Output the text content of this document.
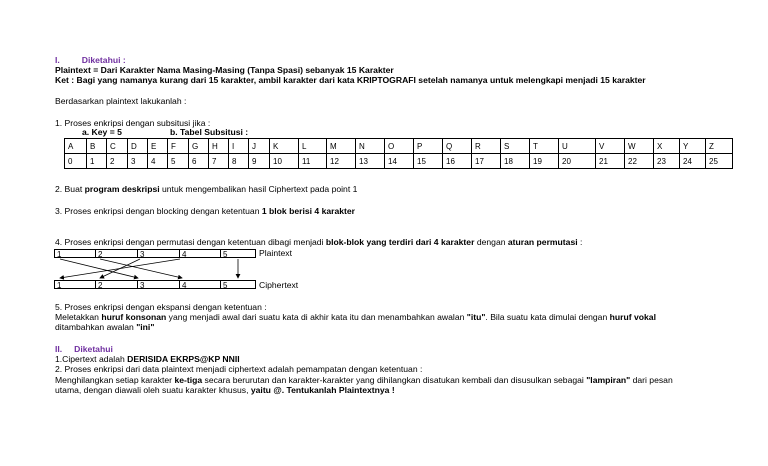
I.	Diketahui :
Plaintext = Dari Karakter Nama Masing-Masing (Tanpa Spasi) sebanyak 15 Karakter
Ket : Bagi yang namanya kurang dari 15 karakter, ambil karakter dari kata KRIPTOGRAFI setelah namanya untuk melengkapi menjadi 15 karakter
Berdasarkan plaintext lakukanlah :
1. Proses enkripsi dengan subsitusi jika :
a. Key = 5	b. Tabel Subsitusi :
A	B	C	D	E	F	G	H	I	J	K	L	M	N	O	P	Q	R	S	T	U	V	W	X	Y	Z
0	1	2	3	4	5	6	7	8	9	10	11	12	13	14	15	16	17	18	19	20	21	22	23	24	25
2. Buat program deskripsi untuk mengembalikan hasil Ciphertext pada point 1
3. Proses enkripsi dengan blocking dengan ketentuan 1 blok berisi 4 karakter
4. Proses enkripsi dengan permutasi dengan ketentuan dibagi menjadi blok-blok yang terdiri dari 4 karakter dengan aturan permutasi :
1	2	3	4	5	Plaintext
1	2	3	4	5	Ciphertext
5. Proses enkripsi dengan ekspansi dengan ketentuan :
Meletakkan huruf konsonan yang menjadi awal dari suatu kata di akhir kata itu dan menambahkan awalan "itu". Bila suatu kata dimulai dengan huruf vokal
ditambahkan awalan "ini"
II. Diketahui
1.Cipertext adalah DERISIDA EKRPS@KP NNII
2. Proses enkripsi dari data plaintext menjadi ciphertext adalah pemampatan dengan ketentuan :
Menghilangkan setiap karakter ke-tiga secara berurutan dan karakter-karakter yang dihilangkan disatukan kembali dan disusulkan sebagai "lampiran" dari pesan
utama, dengan diawali oleh suatu karakter khusus, yaitu @. Tentukanlah Plaintextnya !
